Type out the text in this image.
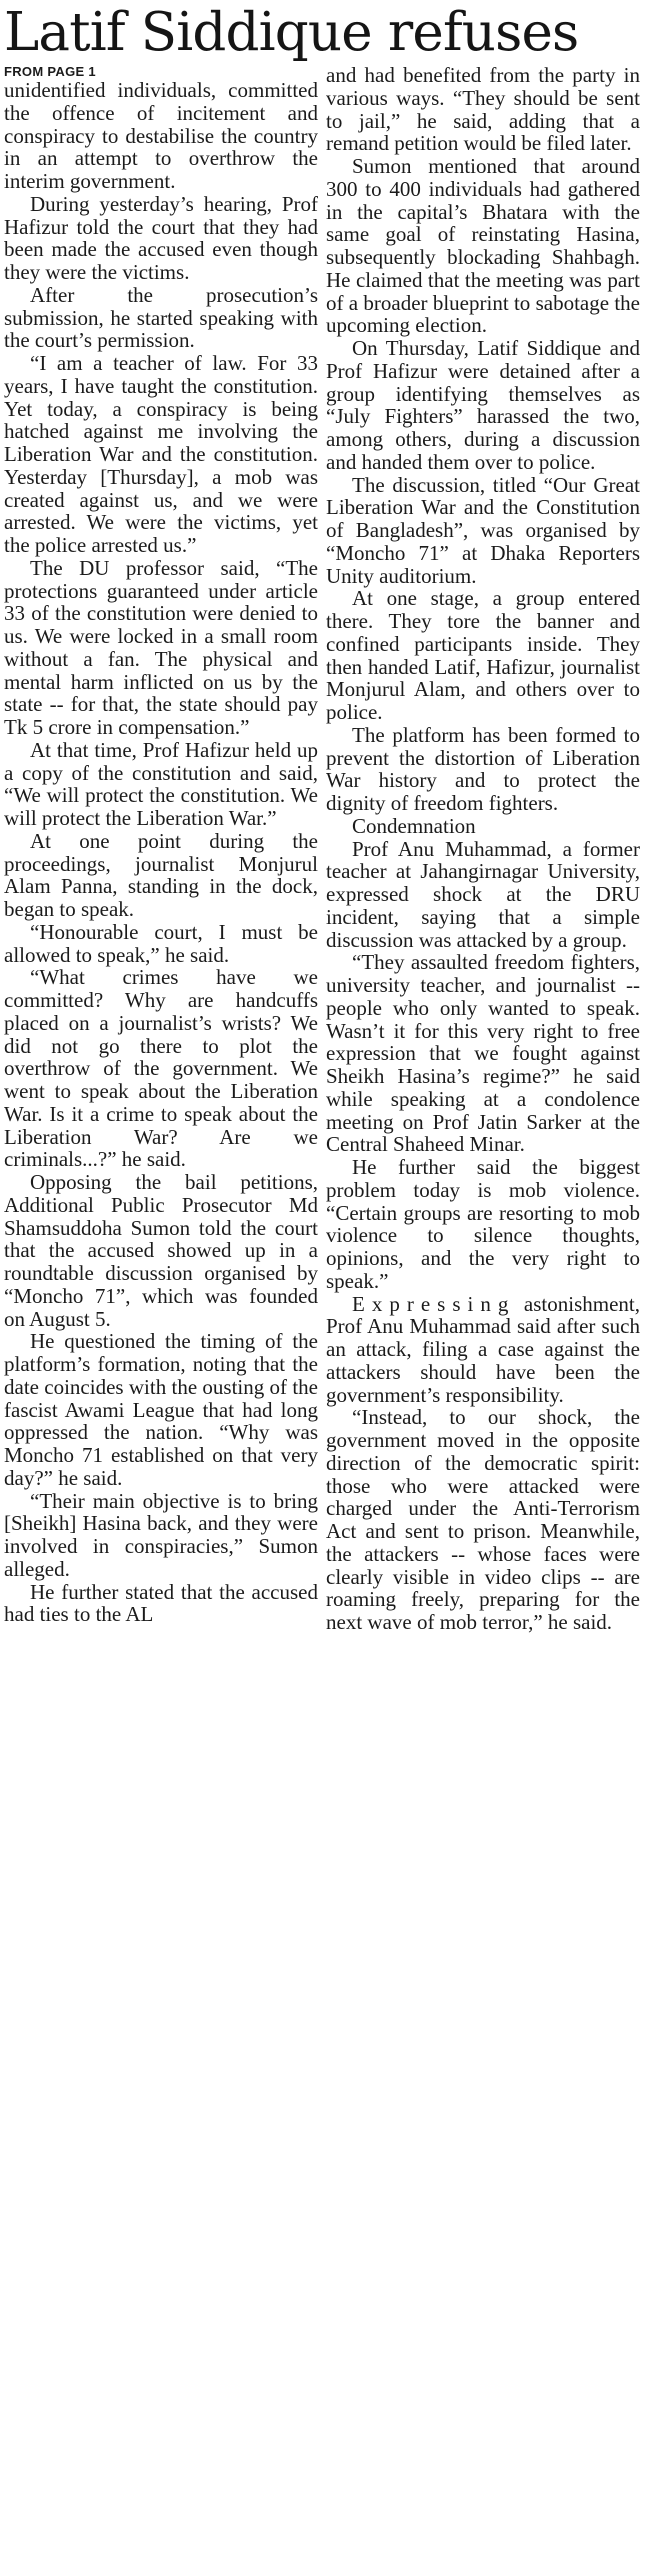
Latif Siddique refuses
FROM PAGE 1

unidentified individuals, committed the offence of incitement and conspiracy to destabilise the country in an attempt to overthrow the interim government.

During yesterday’s hearing, Prof Hafizur told the court that they had been made the accused even though they were the victims.

After the prosecution’s submission, he started speaking with the court’s permission.

“I am a teacher of law. For 33 years, I have taught the constitution. Yet today, a conspiracy is being hatched against me involving the Liberation War and the constitution. Yesterday [Thursday], a mob was created against us, and we were arrested. We were the victims, yet the police arrested us.”

The DU professor said, “The protections guaranteed under article 33 of the constitution were denied to us. We were locked in a small room without a fan. The physical and mental harm inflicted on us by the state -- for that, the state should pay Tk 5 crore in compensation.”

At that time, Prof Hafizur held up a copy of the constitution and said, “We will protect the constitution. We will protect the Liberation War.”

At one point during the proceedings, journalist Monjurul Alam Panna, standing in the dock, began to speak.

“Honourable court, I must be allowed to speak,” he said.

“What crimes have we committed? Why are handcuffs placed on a journalist’s wrists? We did not go there to plot the overthrow of the government. We went to speak about the Liberation War. Is it a crime to speak about the Liberation War? Are we criminals...?” he said.

Opposing the bail petitions, Additional Public Prosecutor Md Shamsuddoha Sumon told the court that the accused showed up in a roundtable discussion organised by “Moncho 71”, which was founded on August 5.

He questioned the timing of the platform’s formation, noting that the date coincides with the ousting of the fascist Awami League that had long oppressed the nation. “Why was Moncho 71 established on that very day?” he said.

“Their main objective is to bring [Sheikh] Hasina back, and they were involved in conspiracies,” Sumon alleged.

He further stated that the accused had ties to the AL

and had benefited from the party in various ways. “They should be sent to jail,” he said, adding that a remand petition would be filed later.

Sumon mentioned that around 300 to 400 individuals had gathered in the capital’s Bhatara with the same goal of reinstating Hasina, subsequently blockading Shahbagh. He claimed that the meeting was part of a broader blueprint to sabotage the upcoming election.

On Thursday, Latif Siddique and Prof Hafizur were detained after a group identifying themselves as “July Fighters” harassed the two, among others, during a discussion and handed them over to police.

The discussion, titled “Our Great Liberation War and the Constitution of Bangladesh”, was organised by “Moncho 71” at Dhaka Reporters Unity auditorium.

At one stage, a group entered there. They tore the banner and confined participants inside. They then handed Latif, Hafizur, journalist Monjurul Alam, and others over to police.

The platform has been formed to prevent the distortion of Liberation War history and to protect the dignity of freedom fighters.

Condemnation

Prof Anu Muhammad, a former teacher at Jahangirnagar University, expressed shock at the DRU incident, saying that a simple discussion was attacked by a group.

“They assaulted freedom fighters, university teacher, and journalist -- people who only wanted to speak. Wasn’t it for this very right to free expression that we fought against Sheikh Hasina’s regime?” he said while speaking at a condolence meeting on Prof Jatin Sarker at the Central Shaheed Minar.

He further said the biggest problem today is mob violence. “Certain groups are resorting to mob violence to silence thoughts, opinions, and the very right to speak.”

Expressing astonishment, Prof Anu Muhammad said after such an attack, filing a case against the attackers should have been the government’s responsibility.

“Instead, to our shock, the government moved in the opposite direction of the democratic spirit: those who were attacked were charged under the Anti-Terrorism Act and sent to prison. Meanwhile, the attackers -- whose faces were clearly visible in video clips -- are roaming freely, preparing for the next wave of mob terror,” he said.
